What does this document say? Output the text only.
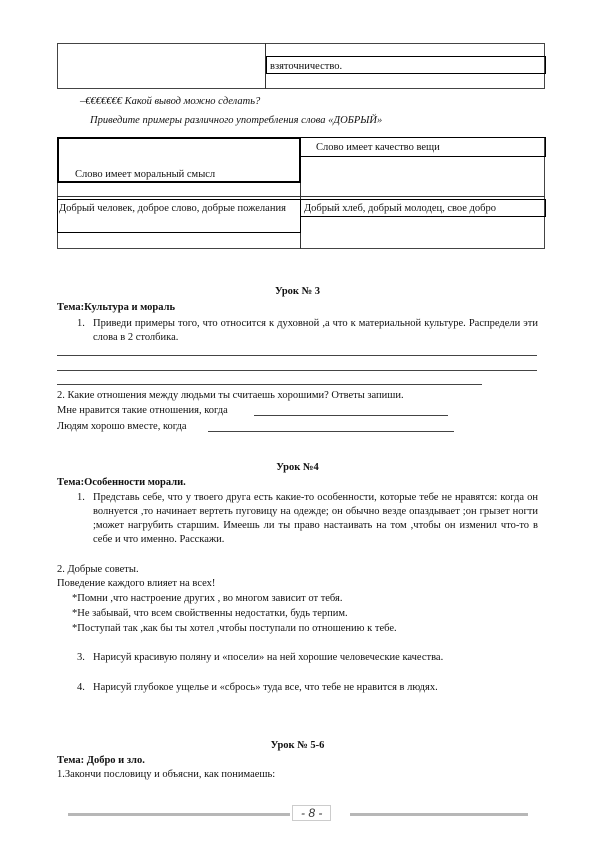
взяточничество.
–€€€€€€€ Какой вывод можно сделать?
Приведите примеры различного употребления слова «ДОБРЫЙ»
Слово имеет качество вещи
Слово имеет моральный смысл
Добрый человек, доброе слово, добрые пожелания Добрый хлеб, добрый молодец, свое добро
Урок № 3
Тема:Культура и мораль
1. Приведи примеры того, что относится к духовной ,а что к материальной культуре. Распредели эти слова в 2 столбика.
2. Какие отношения между людьми ты считаешь хорошими? Ответы запиши.
Мне нравится такие отношения, когда
Людям хорошо вместе, когда
Урок №4
Тема:Особенности морали.
1. Представь себе, что у твоего друга есть какие-то особенности, которые тебе не нравятся: когда он волнуется ,то начинает вертеть пуговицу на одежде; он обычно везде опаздывает ;он грызет ногти ;может нагрубить старшим. Имеешь ли ты право настаивать на том ,чтобы он изменил что-то в себе и что именно. Расскажи.
2. Добрые советы.
Поведение каждого влияет на всех!
*Помни ,что настроение других , во многом зависит от тебя.
*Не забывай, что всем свойственны недостатки, будь терпим.
*Поступай так ,как бы ты хотел ,чтобы поступали по отношению к тебе.
3. Нарисуй красивую поляну и «посели» на ней хорошие человеческие качества.
4. Нарисуй глубокое ущелье и «сбрось» туда все, что тебе не нравится в людях.
Урок № 5-6
Тема: Добро и зло.
1.Закончи пословицу и объясни, как понимаешь:
- 8 -
